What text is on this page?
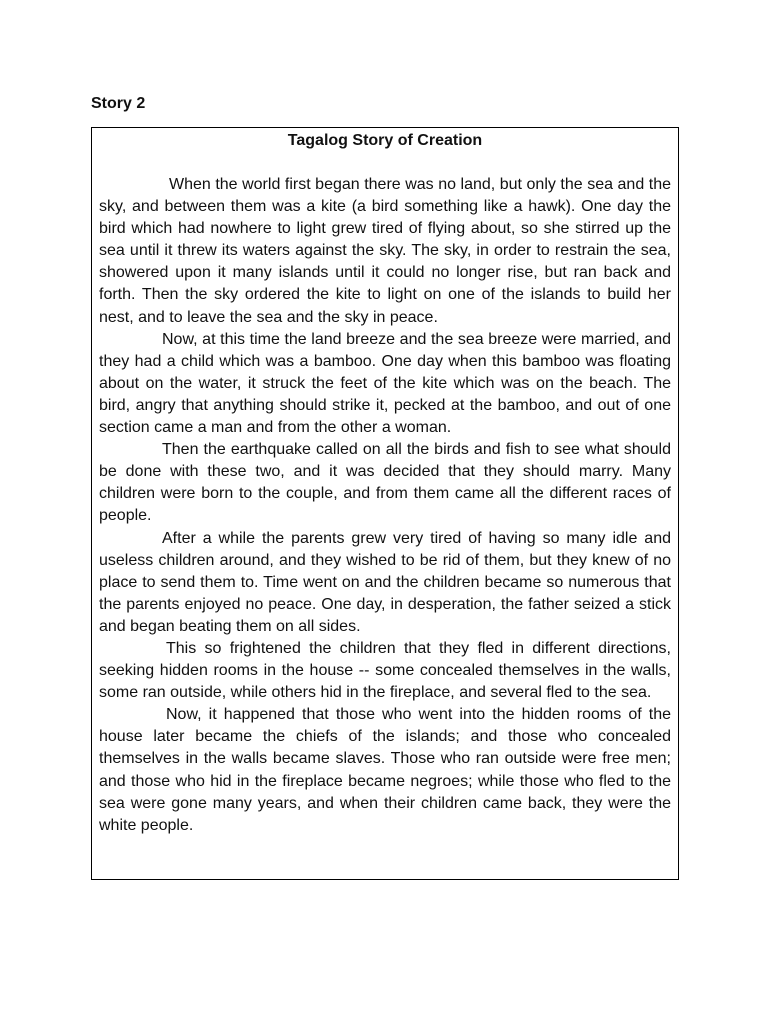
Story 2
Tagalog Story of Creation

When the world first began there was no land, but only the sea and the sky, and between them was a kite (a bird something like a hawk). One day the bird which had nowhere to light grew tired of flying about, so she stirred up the sea until it threw its waters against the sky. The sky, in order to restrain the sea, showered upon it many islands until it could no longer rise, but ran back and forth. Then the sky ordered the kite to light on one of the islands to build her nest, and to leave the sea and the sky in peace.

Now, at this time the land breeze and the sea breeze were married, and they had a child which was a bamboo. One day when this bamboo was floating about on the water, it struck the feet of the kite which was on the beach. The bird, angry that anything should strike it, pecked at the bamboo, and out of one section came a man and from the other a woman.

Then the earthquake called on all the birds and fish to see what should be done with these two, and it was decided that they should marry. Many children were born to the couple, and from them came all the different races of people.

After a while the parents grew very tired of having so many idle and useless children around, and they wished to be rid of them, but they knew of no place to send them to. Time went on and the children became so numerous that the parents enjoyed no peace. One day, in desperation, the father seized a stick and began beating them on all sides.

This so frightened the children that they fled in different directions, seeking hidden rooms in the house -- some concealed themselves in the walls, some ran outside, while others hid in the fireplace, and several fled to the sea.

Now, it happened that those who went into the hidden rooms of the house later became the chiefs of the islands; and those who concealed themselves in the walls became slaves. Those who ran outside were free men; and those who hid in the fireplace became negroes; while those who fled to the sea were gone many years, and when their children came back, they were the white people.
